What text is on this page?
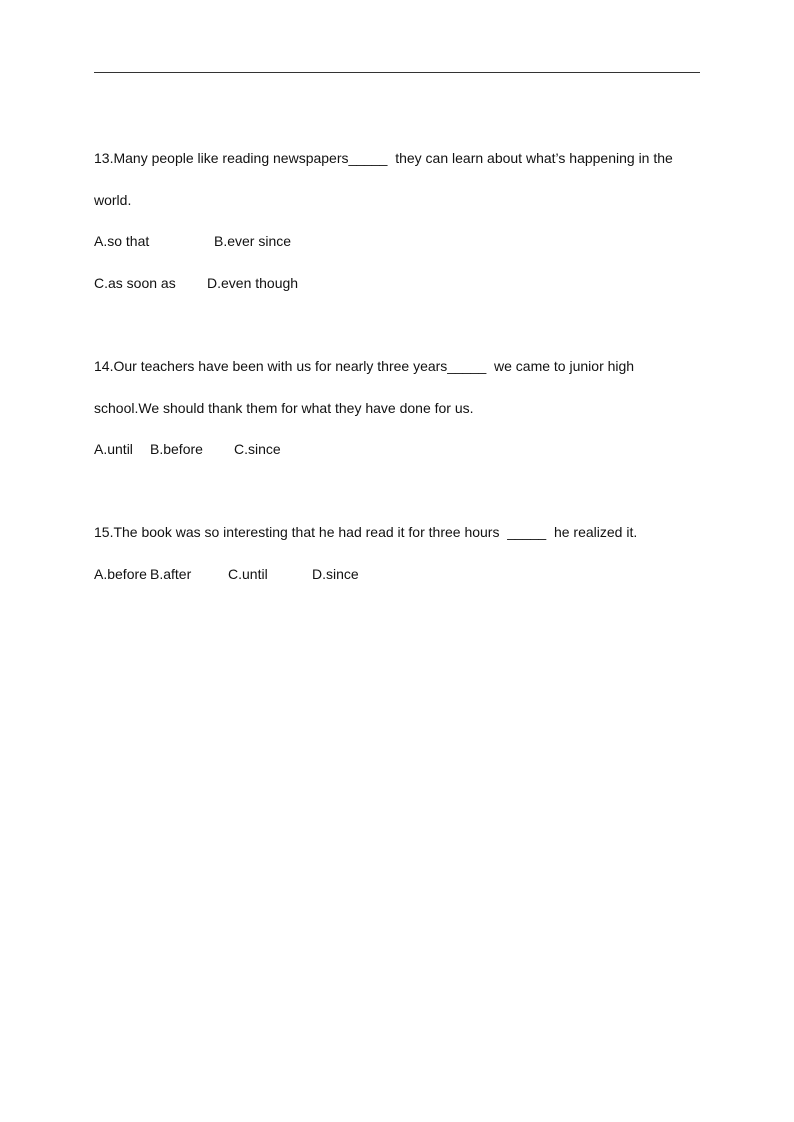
13.Many people like reading newspapers_____  they can learn about what’s happening in the
world.
A.so that	B.ever since
C.as soon as D.even though
14.Our teachers have been with us for nearly three years_____  we came to junior high
school.We should thank them for what they have done for us.
A.until B.before C.since
15.The book was so interesting that he had read it for three hours  _____  he realized it.
A.before B.after	C.until	D.since
